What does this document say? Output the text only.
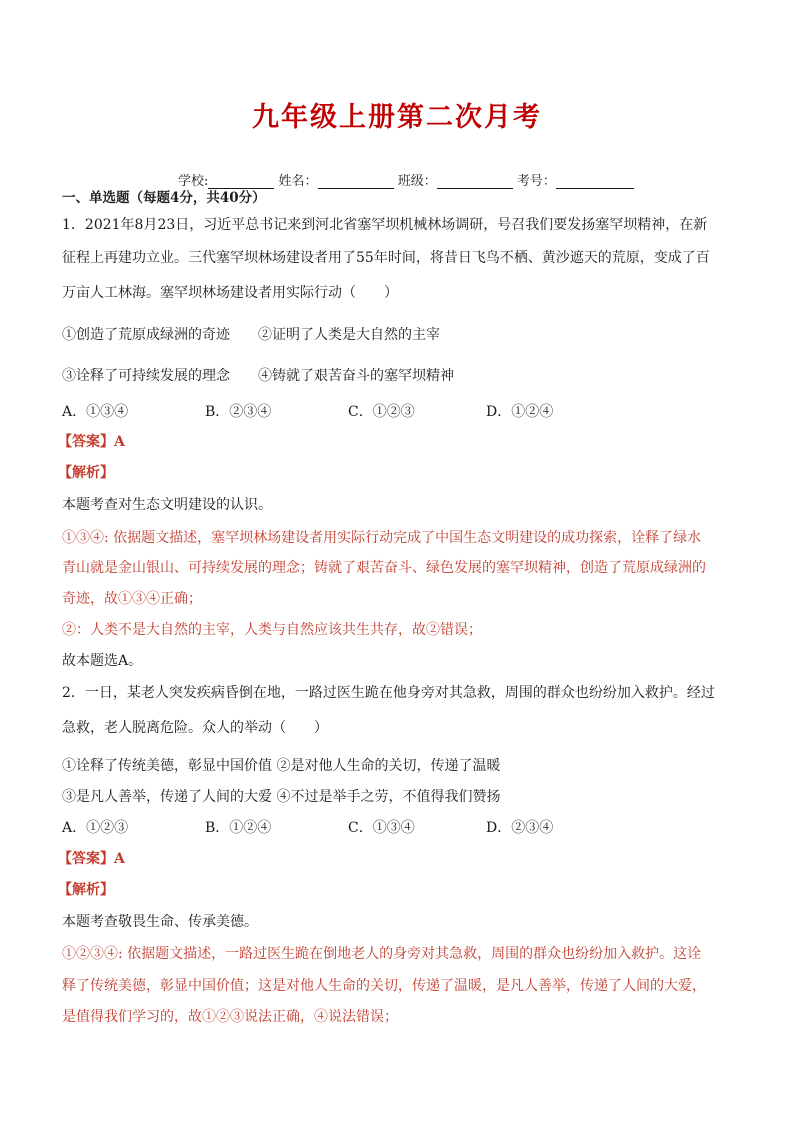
九年级上册第二次月考
学校:	姓名：	班级：	考号：
一、单选题（每题4分，共40分）
1．2021年8月23日，习近平总书记来到河北省塞罕坝机械林场调研，号召我们要发扬塞罕坝精神，在新
征程上再建功立业。三代塞罕坝林场建设者用了55年时间，将昔日飞鸟不栖、黄沙遮天的荒原，变成了百
万亩人工林海。塞罕坝林场建设者用实际行动（　　）
①创造了荒原成绿洲的奇迹　　②证明了人类是大自然的主宰
③诠释了可持续发展的理念　　④铸就了艰苦奋斗的塞罕坝精神
A．①③④	B．②③④	C．①②③	D．①②④
【答案】A
【解析】
本题考查对生态文明建设的认识。
①③④: 依据题文描述，塞罕坝林场建设者用实际行动完成了中国生态文明建设的成功探索，诠释了绿水
青山就是金山银山、可持续发展的理念；铸就了艰苦奋斗、绿色发展的塞罕坝精神，创造了荒原成绿洲的
奇迹，故①③④正确；
②：人类不是大自然的主宰，人类与自然应该共生共存，故②错误；
故本题选A。
2．一日，某老人突发疾病昏倒在地，一路过医生跪在他身旁对其急救，周围的群众也纷纷加入救护。经过
急救，老人脱离危险。众人的举动（　　）
①诠释了传统美德，彰显中国价值 ②是对他人生命的关切，传递了温暖
③是凡人善举，传递了人间的大爱 ④不过是举手之劳，不值得我们赞扬
A．①②③	B．①②④	C．①③④	D．②③④
【答案】A
【解析】
本题考查敬畏生命、传承美德。
①②③④: 依据题文描述，一路过医生跪在倒地老人的身旁对其急救，周围的群众也纷纷加入救护。这诠
释了传统美德，彰显中国价值；这是对他人生命的关切，传递了温暖，是凡人善举，传递了人间的大爱，
是值得我们学习的，故①②③说法正确，④说法错误；
